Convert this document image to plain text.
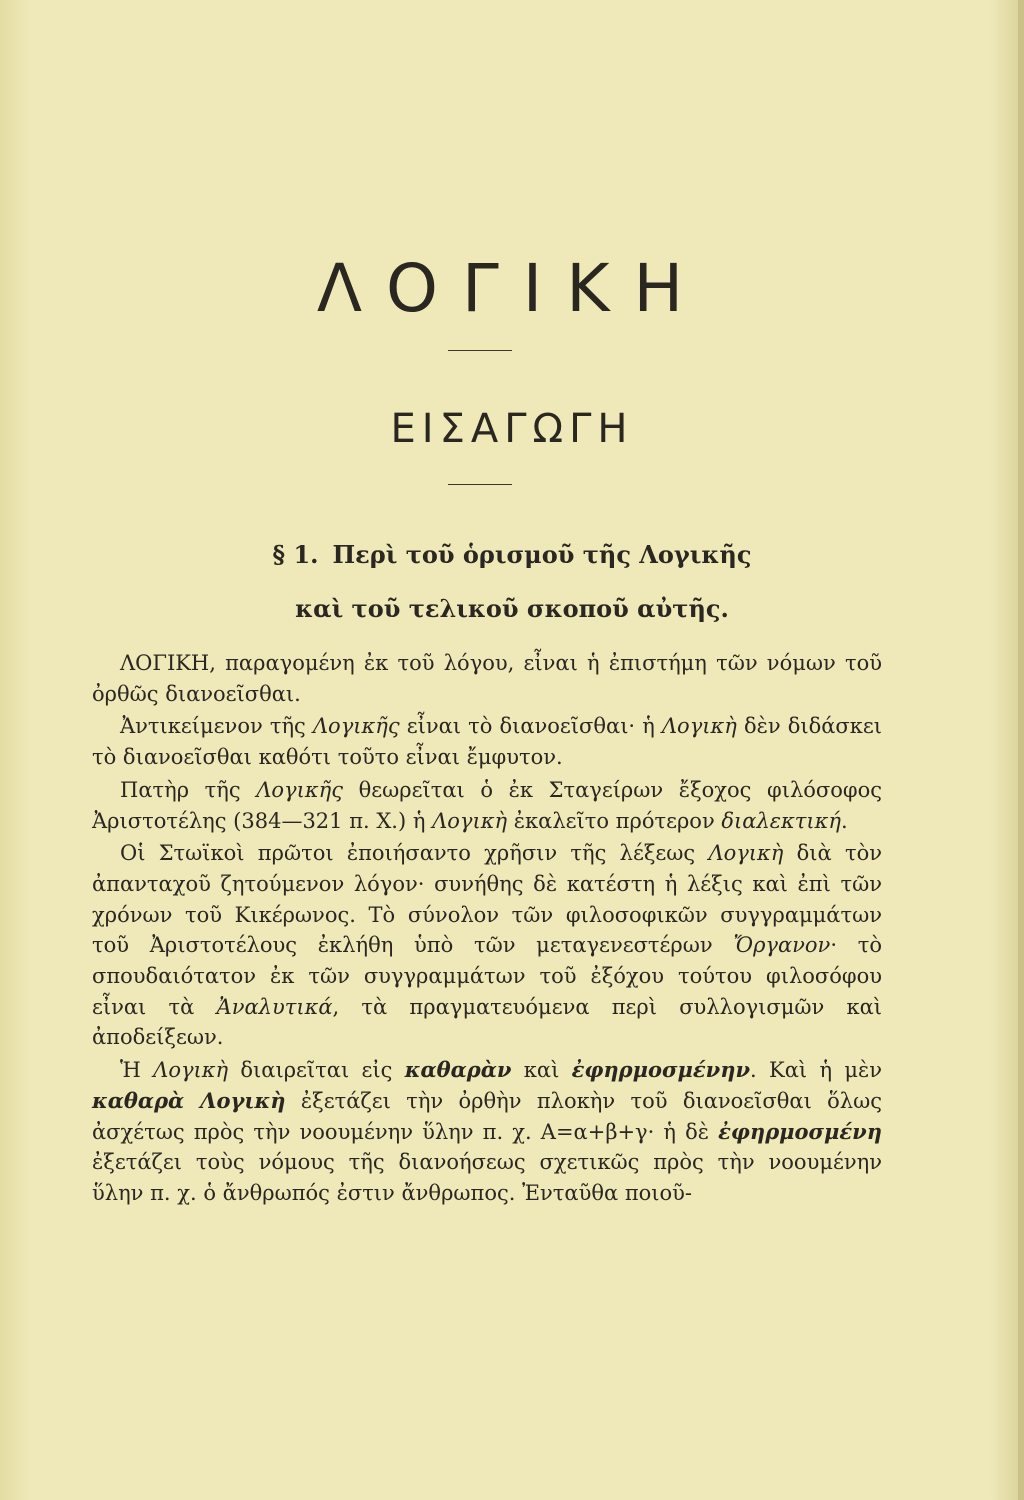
ΛΟΓΙΚΗ
ΕΙΣΑΓΩΓΗ
§ 1. Περὶ τοῦ ὁρισμοῦ τῆς Λογικῆς
καὶ τοῦ τελικοῦ σκοποῦ αὐτῆς.

ΛΟΓΙΚΗ, παραγομένη ἐκ τοῦ λόγου, εἶναι ἡ ἐπιστήμη τῶν νόμων τοῦ ὀρθῶς διανοεῖσθαι.

Ἀντικείμενον τῆς Λογικῆς εἶναι τὸ διανοεῖσθαι· ἡ Λογικὴ δὲν διδάσκει τὸ διανοεῖσθαι καθότι τοῦτο εἶναι ἔμφυτον.

Πατὴρ τῆς Λογικῆς θεωρεῖται ὁ ἐκ Σταγείρων ἔξοχος φιλόσοφος Ἀριστοτέλης (384—321 π. Χ.) ἡ Λογικὴ ἐκαλεῖτο πρότερον διαλεκτική.

Οἱ Στωϊκοὶ πρῶτοι ἐποιήσαντο χρῆσιν τῆς λέξεως Λογικὴ διὰ τὸν ἀπανταχοῦ ζητούμενον λόγον· συνήθης δὲ κατέστη ἡ λέξις καὶ ἐπὶ τῶν χρόνων τοῦ Κικέρωνος. Τὸ σύνολον τῶν φιλοσοφικῶν συγγραμμάτων τοῦ Ἀριστοτέλους ἐκλήθη ὑπὸ τῶν μεταγενεστέρων Ὄργανον· τὸ σπουδαιότατον ἐκ τῶν συγγραμμάτων τοῦ ἐξόχου τούτου φιλοσόφου εἶναι τὰ Ἀναλυτικά, τὰ πραγματευόμενα περὶ συλλογισμῶν καὶ ἀποδείξεων.

Ἡ Λογικὴ διαιρεῖται εἰς καθαρὰν καὶ ἐφηρμοσμένην. Καὶ ἡ μὲν καθαρὰ Λογικὴ ἐξετάζει τὴν ὀρθὴν πλοκὴν τοῦ διανοεῖσθαι ὅλως ἀσχέτως πρὸς τὴν νοουμένην ὕλην π. χ. Α=α+β+γ· ἡ δὲ ἐφηρμοσμένη ἐξετάζει τοὺς νόμους τῆς διανοήσεως σχετικῶς πρὸς τὴν νοουμένην ὕλην π. χ. ὁ ἄνθρωπός ἐστιν ἄνθρωπος. Ἐνταῦθα ποιοῦ-
